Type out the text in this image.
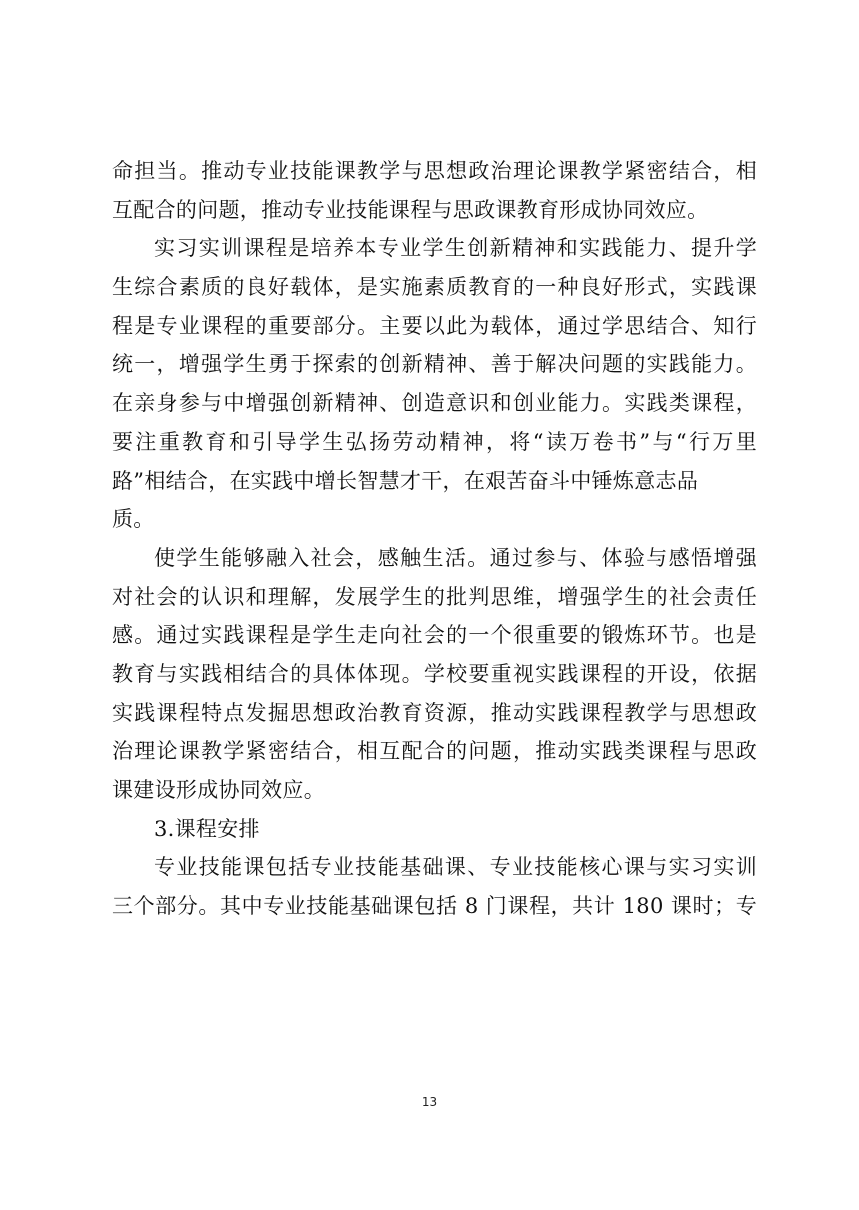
命担当。推动专业技能课教学与思想政治理论课教学紧密结合，相
互配合的问题，推动专业技能课程与思政课教育形成协同效应。
实习实训课程是培养本专业学生创新精神和实践能力、提升学
生综合素质的良好载体，是实施素质教育的一种良好形式，实践课
程是专业课程的重要部分。主要以此为载体，通过学思结合、知行
统一，增强学生勇于探索的创新精神、善于解决问题的实践能力。
在亲身参与中增强创新精神、创造意识和创业能力。实践类课程，
要注重教育和引导学生弘扬劳动精神，将“读万卷书”与“行万里
路”相结合，在实践中增长智慧才干，在艰苦奋斗中锤炼意志品
质。
使学生能够融入社会，感触生活。通过参与、体验与感悟增强
对社会的认识和理解，发展学生的批判思维，增强学生的社会责任
感。通过实践课程是学生走向社会的一个很重要的锻炼环节。也是
教育与实践相结合的具体体现。学校要重视实践课程的开设，依据
实践课程特点发掘思想政治教育资源，推动实践课程教学与思想政
治理论课教学紧密结合，相互配合的问题，推动实践类课程与思政
课建设形成协同效应。
3.课程安排
专业技能课包括专业技能基础课、专业技能核心课与实习实训
三个部分。其中专业技能基础课包括 8 门课程，共计 180 课时；专
13
